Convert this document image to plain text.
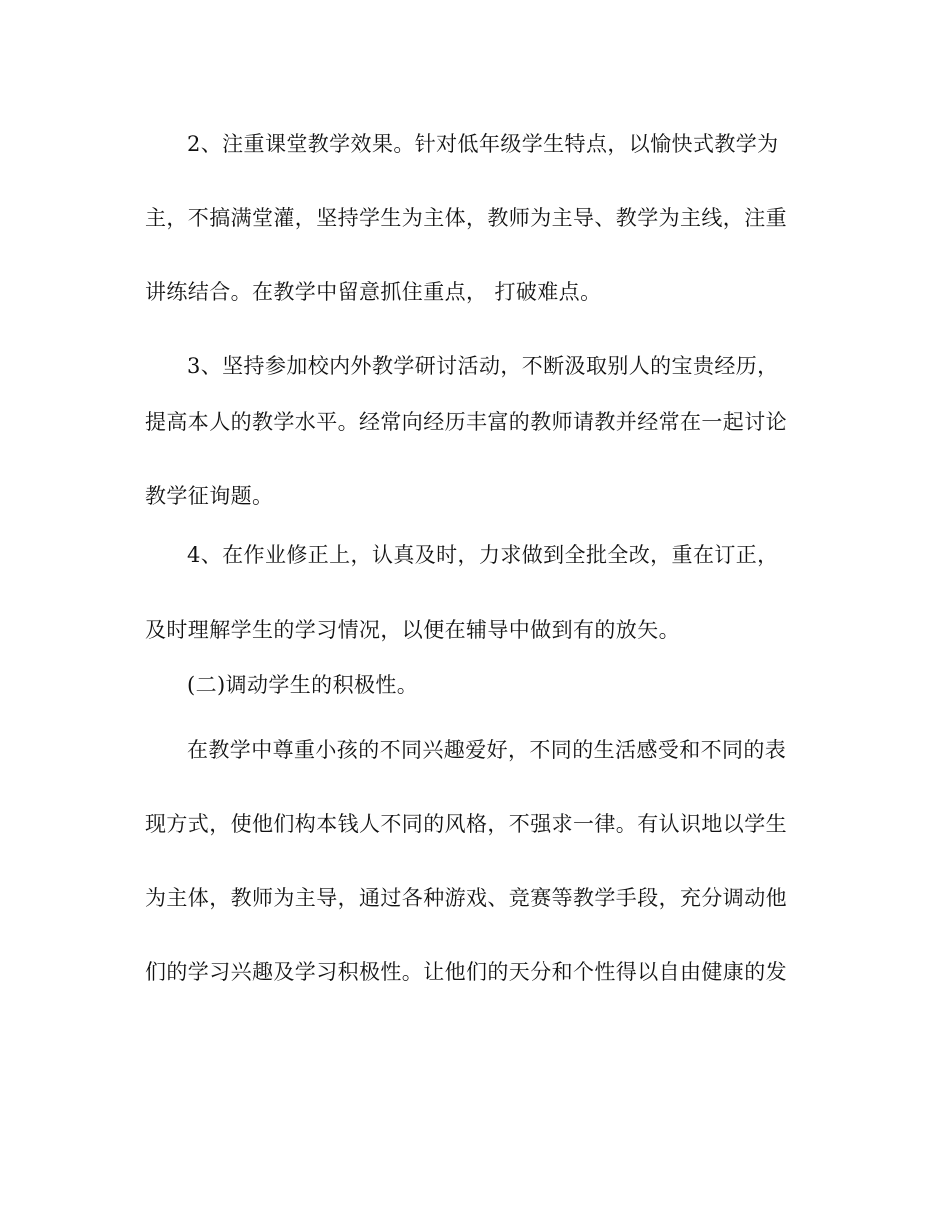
2、注重课堂教学效果。针对低年级学生特点，以愉快式教学为
主，不搞满堂灌，坚持学生为主体，教师为主导、教学为主线，注重
讲练结合。在教学中留意抓住重点， 打破难点。
3、坚持参加校内外教学研讨活动，不断汲取别人的宝贵经历，
提高本人的教学水平。经常向经历丰富的教师请教并经常在一起讨论
教学征询题。
4、在作业修正上，认真及时，力求做到全批全改，重在订正，
及时理解学生的学习情况，以便在辅导中做到有的放矢。
(二)调动学生的积极性。
在教学中尊重小孩的不同兴趣爱好，不同的生活感受和不同的表
现方式，使他们构本钱人不同的风格，不强求一律。有认识地以学生
为主体，教师为主导，通过各种游戏、竞赛等教学手段，充分调动他
们的学习兴趣及学习积极性。让他们的天分和个性得以自由健康的发
